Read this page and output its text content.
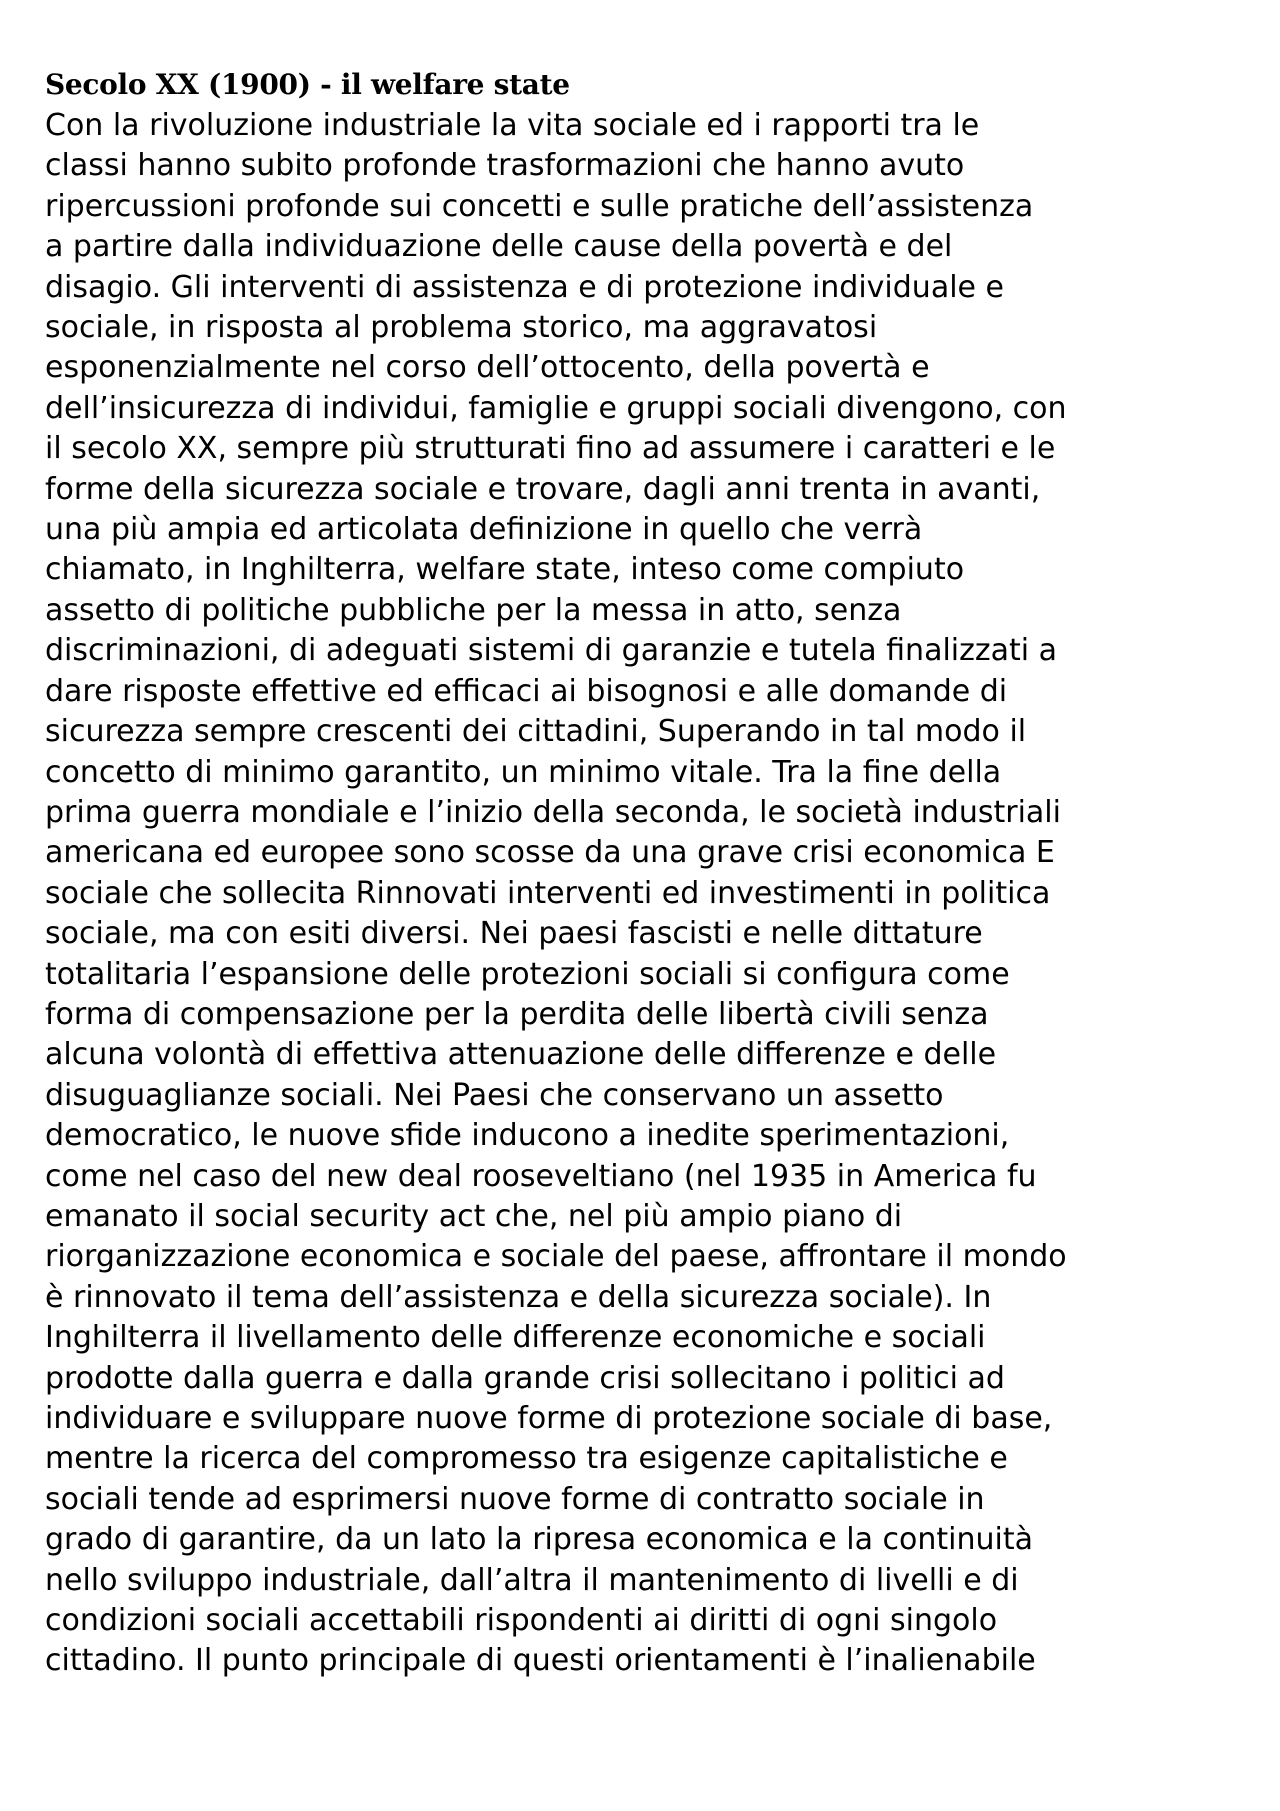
Secolo XX (1900) - il welfare state

Con la rivoluzione industriale la vita sociale ed i rapporti tra le
classi hanno subito profonde trasformazioni che hanno avuto
ripercussioni profonde sui concetti e sulle pratiche dell’assistenza
a partire dalla individuazione delle cause della povertà e del
disagio. Gli interventi di assistenza e di protezione individuale e
sociale, in risposta al problema storico, ma aggravatosi
esponenzialmente nel corso dell’ottocento, della povertà e
dell’insicurezza di individui, famiglie e gruppi sociali divengono, con
il secolo XX, sempre più strutturati fino ad assumere i caratteri e le
forme della sicurezza sociale e trovare, dagli anni trenta in avanti,
una più ampia ed articolata definizione in quello che verrà
chiamato, in Inghilterra, welfare state, inteso come compiuto
assetto di politiche pubbliche per la messa in atto, senza
discriminazioni, di adeguati sistemi di garanzie e tutela finalizzati a
dare risposte effettive ed efficaci ai bisognosi e alle domande di
sicurezza sempre crescenti dei cittadini, Superando in tal modo il
concetto di minimo garantito, un minimo vitale. Tra la fine della
prima guerra mondiale e l’inizio della seconda, le società industriali
americana ed europee sono scosse da una grave crisi economica E
sociale che sollecita Rinnovati interventi ed investimenti in politica
sociale, ma con esiti diversi. Nei paesi fascisti e nelle dittature
totalitaria l’espansione delle protezioni sociali si configura come
forma di compensazione per la perdita delle libertà civili senza
alcuna volontà di effettiva attenuazione delle differenze e delle
disuguaglianze sociali. Nei Paesi che conservano un assetto
democratico, le nuove sfide inducono a inedite sperimentazioni,
come nel caso del new deal rooseveltiano (nel 1935 in America fu
emanato il social security act che, nel più ampio piano di
riorganizzazione economica e sociale del paese, affrontare il mondo
è rinnovato il tema dell’assistenza e della sicurezza sociale). In
Inghilterra il livellamento delle differenze economiche e sociali
prodotte dalla guerra e dalla grande crisi sollecitano i politici ad
individuare e sviluppare nuove forme di protezione sociale di base,
mentre la ricerca del compromesso tra esigenze capitalistiche e
sociali tende ad esprimersi nuove forme di contratto sociale in
grado di garantire, da un lato la ripresa economica e la continuità
nello sviluppo industriale, dall’altra il mantenimento di livelli e di
condizioni sociali accettabili rispondenti ai diritti di ogni singolo
cittadino. Il punto principale di questi orientamenti è l’inalienabile
